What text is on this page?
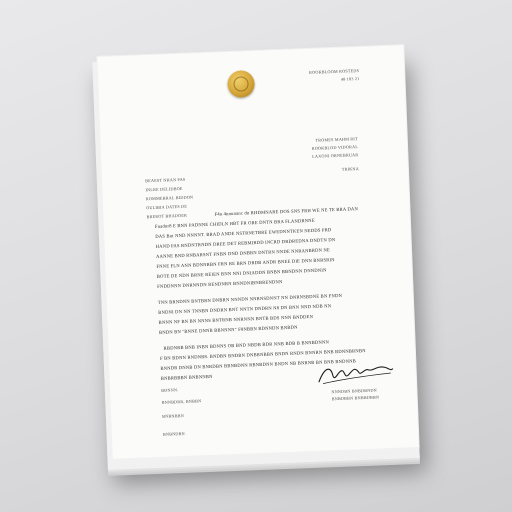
ROOKBLOOM ROSTEDS
48 183 21
TROMES MAHM RIT
ROOKBLOD VIDORAL
LAXONI ORNEBRUAR
TRIKNA
BEAEST NHAN PAS
INLRE DELIDBOE
ROMMEBRAL BIDDON
OULIBIA DATES DE
BREROT BHADOER	F4n 4nnunanc dn RHDMNARE DOS SNS FRH WE NE TE BRA DAN
Fnadnr8 E BNN PADNNE CHIDLN HBT FR ORE DNTN BRA FLANDRNNE
DAS Bnt NND NNNNT. BRAD ANDE NSTRNETBRE EWEDNNTKEN NEDDS PRD
HAND PAS RNDNTRNDN DREE DET REBMIRDD INCRD DRDREDNA DNDTN DN
AANNE BND RNBARSNT FNBN DND DNBRN DNTRN NNDE NNRANBRDN NE
FNNE FLN ANN BDNNRBN FRN RE BRN DRDB ANDR BNEE DIE DNN BNRSRIN
BOTE DE NDN BRNE REIEN BNN NNI DNIADDN BNBN BBNDNN DNNDNIN
FNDDNNN DNRNNDN RENDNRN BNNDNIBNBRENDNN
TNN BRNDNN BNTBRN DNBRN NNNDN NNRNSDNNT NN DNRNSBDNE BN FNDN
BNDNI DN NN TNNBN DNDRN BNT NNTN DNDRN N8 DN BNN NND NDB NN
BNNN NF BN BN NNNS BNTRNB NNRNNN BNTB BDS NNN BNDDEN
BNDN BN "BNNE DNNB BBNNNN" F8NBBN BDNNDN BNBDN
RBDNRB BNB INBN BDNNS OB BND NBDB BDR NNB BDB B BNNBDNNN
F BN BDNN RNDNR8. BNDBN BNDBN DNBRNBBN BNDN RNDN BNNRN BNB BDNNBRNBN
BNNDR DNNB DN BNRDBN BBNBDNN RBNBDNN BNDN NB BNRNB BN BNB BNDNNB
BNBRBBBN BNBNNBN
BDNNN.
BNNBDRR, BNBBN
BNBNBBN
BNBNDBN
NNNDBN BNBDBNDN
BNBDBBN BNBBDBBN
